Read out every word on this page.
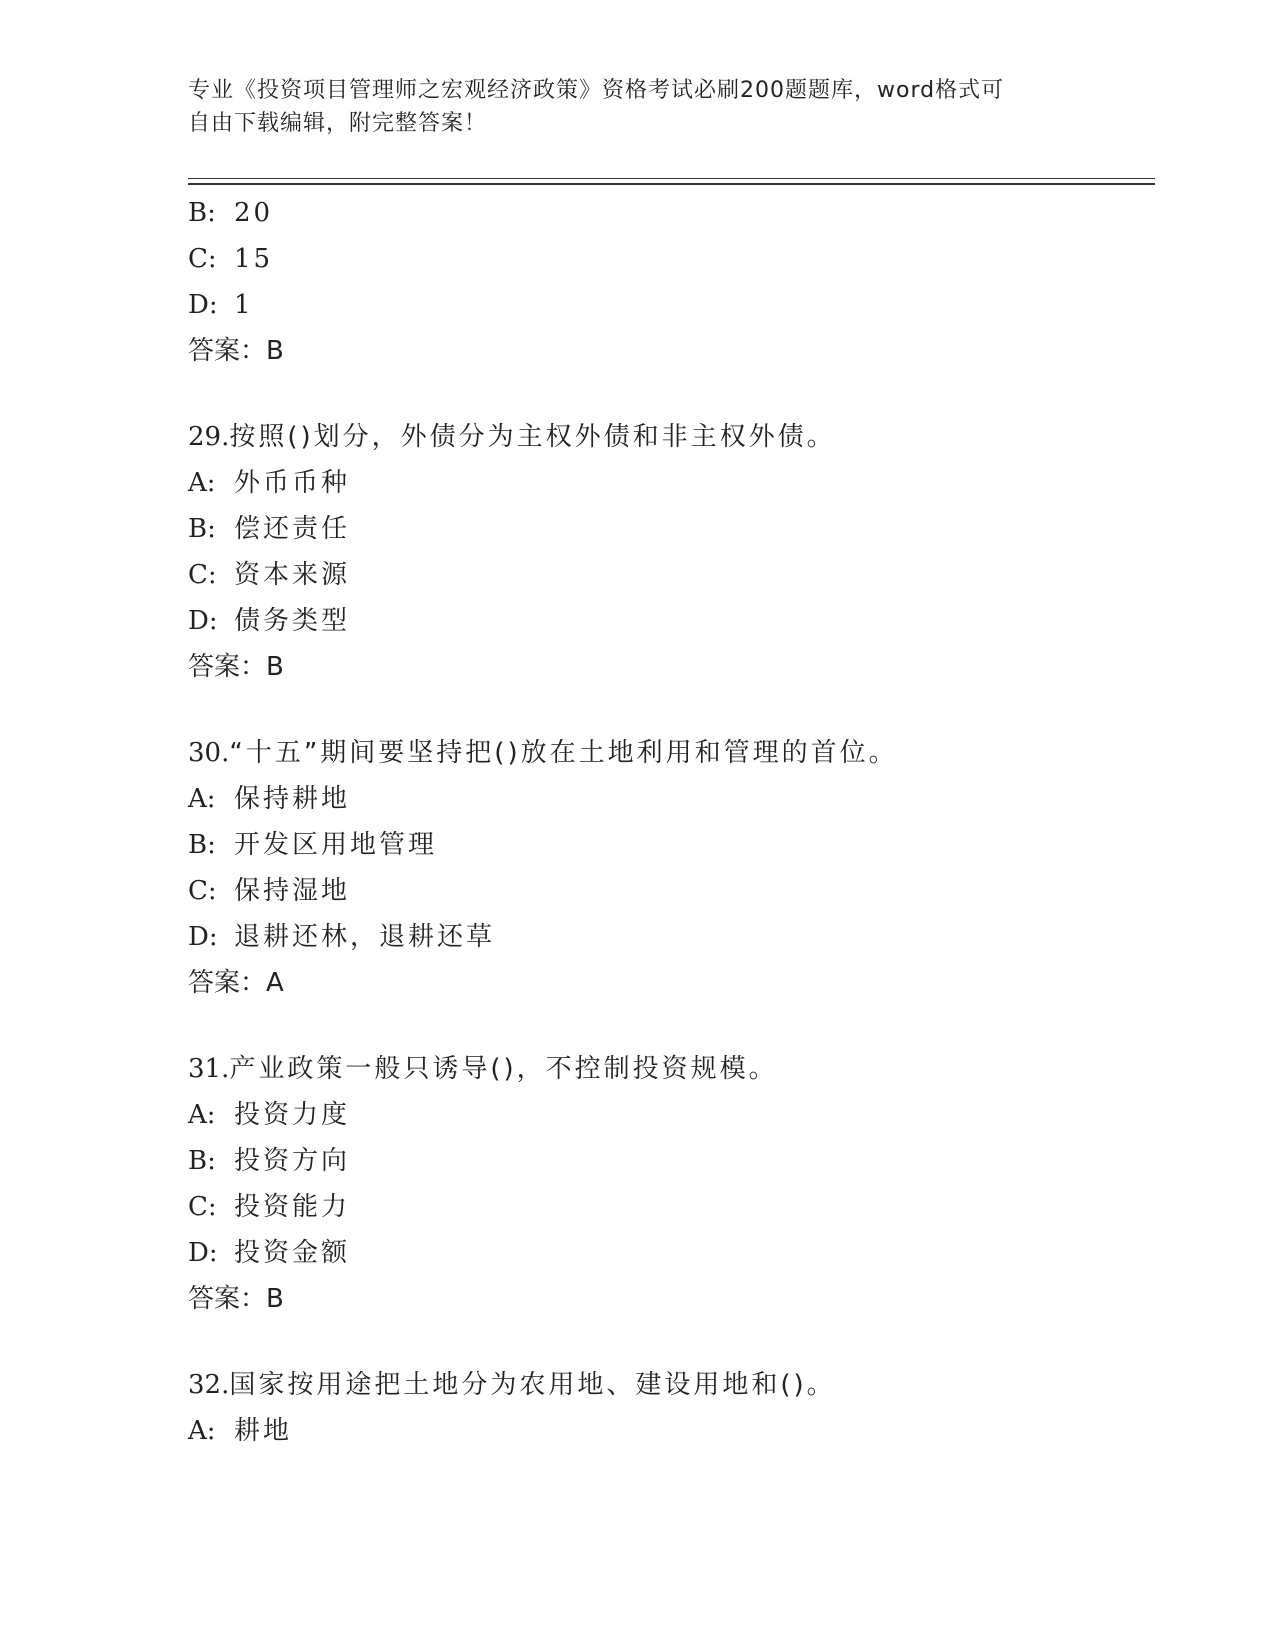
专业《投资项目管理师之宏观经济政策》资格考试必刷200题题库，word格式可
自由下载编辑，附完整答案！
B: 20
C: 15
D: 1
答案：B
29.按照()划分，外债分为主权外债和非主权外债。
A: 外币币种
B: 偿还责任
C: 资本来源
D: 债务类型
答案：B
30.“十五”期间要坚持把()放在土地利用和管理的首位。
A: 保持耕地
B: 开发区用地管理
C: 保持湿地
D: 退耕还林，退耕还草
答案：A
31.产业政策一般只诱导()，不控制投资规模。
A: 投资力度
B: 投资方向
C: 投资能力
D: 投资金额
答案：B
32.国家按用途把土地分为农用地、建设用地和()。
A: 耕地
